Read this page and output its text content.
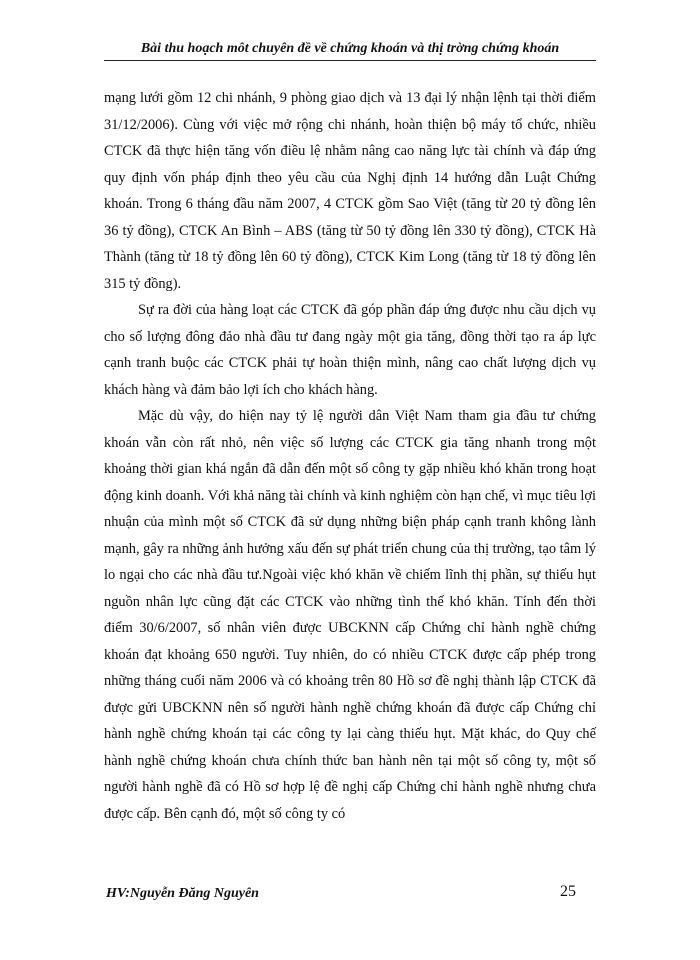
Bài thu hoạch môt chuyên đề về chứng khoán và thị trờng chứng khoán

mạng lưới gồm 12 chi nhánh, 9 phòng giao dịch và 13 đại lý nhận lệnh tại thời điểm 31/12/2006). Cùng với việc mở rộng chi nhánh, hoàn thiện bộ máy tổ chức, nhiều CTCK đã thực hiện tăng vốn điều lệ nhằm nâng cao năng lực tài chính và đáp ứng quy định vốn pháp định theo yêu cầu của Nghị định 14 hướng dẫn Luật Chứng khoán. Trong 6 tháng đầu năm 2007, 4 CTCK gồm Sao Việt (tăng từ 20 tỷ đồng lên 36 tỷ đồng), CTCK An Bình – ABS (tăng từ 50 tỷ đồng lên 330 tỷ đồng), CTCK Hà Thành (tăng từ 18 tỷ đồng lên 60 tỷ đồng), CTCK Kim Long (tăng từ 18 tỷ đồng lên 315 tỷ đồng).

Sự ra đời của hàng loạt các CTCK đã góp phần đáp ứng được nhu cầu dịch vụ cho số lượng đông đảo nhà đầu tư đang ngày một gia tăng, đồng thời tạo ra áp lực cạnh tranh buộc các CTCK phải tự hoàn thiện mình, nâng cao chất lượng dịch vụ khách hàng và đảm bảo lợi ích cho khách hàng.

Mặc dù vậy, do hiện nay tỷ lệ người dân Việt Nam tham gia đầu tư chứng khoán vẫn còn rất nhỏ, nên việc số lượng các CTCK gia tăng nhanh trong một khoảng thời gian khá ngắn đã dẫn đến một số công ty gặp nhiều khó khăn trong hoạt động kinh doanh. Với khả năng tài chính và kinh nghiệm còn hạn chế, vì mục tiêu lợi nhuận của mình một số CTCK đã sử dụng những biện pháp cạnh tranh không lành mạnh, gây ra những ảnh hưởng xấu đến sự phát triển chung của thị trường, tạo tâm lý lo ngại cho các nhà đầu tư.Ngoài việc khó khăn về chiếm lĩnh thị phần, sự thiếu hụt nguồn nhân lực cũng đặt các CTCK vào những tình thế khó khăn. Tính đến thời điểm 30/6/2007, số nhân viên được UBCKNN cấp Chứng chỉ hành nghề chứng khoán đạt khoảng 650 người. Tuy nhiên, do có nhiều CTCK được cấp phép trong những tháng cuối năm 2006 và có khoảng trên 80 Hồ sơ đề nghị thành lập CTCK đã được gửi UBCKNN nên số người hành nghề chứng khoán đã được cấp Chứng chỉ hành nghề chứng khoán tại các công ty lại càng thiếu hụt. Mặt khác, do Quy chế hành nghề chứng khoán chưa chính thức ban hành nên tại một số công ty, một số người hành nghề đã có Hồ sơ hợp lệ đề nghị cấp Chứng chỉ hành nghề nhưng chưa được cấp. Bên cạnh đó, một số công ty có

HV:Nguyễn Đăng Nguyên	25
